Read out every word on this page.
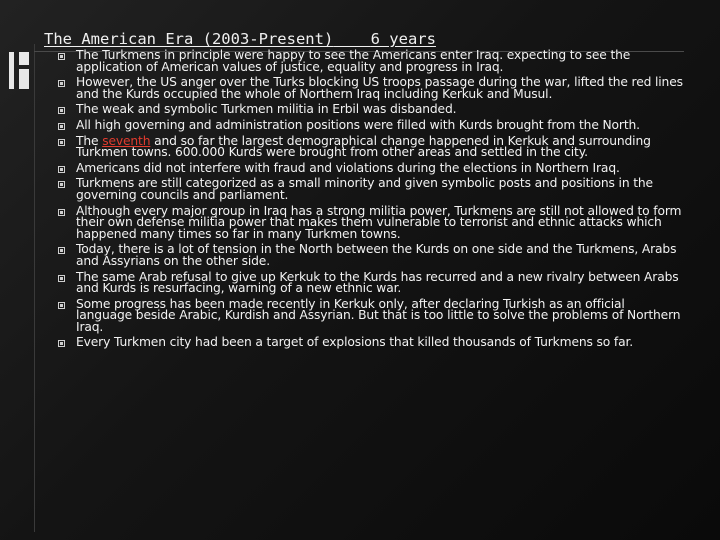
The American Era (2003-Present) 6 years
The Turkmens in principle were happy to see the Americans enter Iraq. expecting to see the application of American values of justice, equality and progress in Iraq.
However, the US anger over the Turks blocking US troops passage during the war, lifted the red lines and the Kurds occupied the whole of Northern Iraq including Kerkuk and Musul.
The weak and symbolic Turkmen militia in Erbil was disbanded.
All high governing and administration positions were filled with Kurds brought from the North.
The seventh and so far the largest demographical change happened in Kerkuk and surrounding Turkmen towns. 600.000 Kurds were brought from other areas and settled in the city.
Americans did not interfere with fraud and violations during the elections in Northern Iraq.
Turkmens are still categorized as a small minority and given symbolic posts and positions in the governing councils and parliament.
Although every major group in Iraq has a strong militia power, Turkmens are still not allowed to form their own defense militia power that makes them vulnerable to terrorist and ethnic attacks which happened many times so far in many Turkmen towns.
Today, there is a lot of tension in the North between the Kurds on one side and the Turkmens, Arabs and Assyrians on the other side.
The same Arab refusal to give up Kerkuk to the Kurds has recurred and a new rivalry between Arabs and Kurds is resurfacing, warning of a new ethnic war.
Some progress has been made recently in Kerkuk only, after declaring Turkish as an official language beside Arabic, Kurdish and Assyrian. But that is too little to solve the problems of Northern Iraq.
Every Turkmen city had been a target of explosions that killed thousands of Turkmens so far.
